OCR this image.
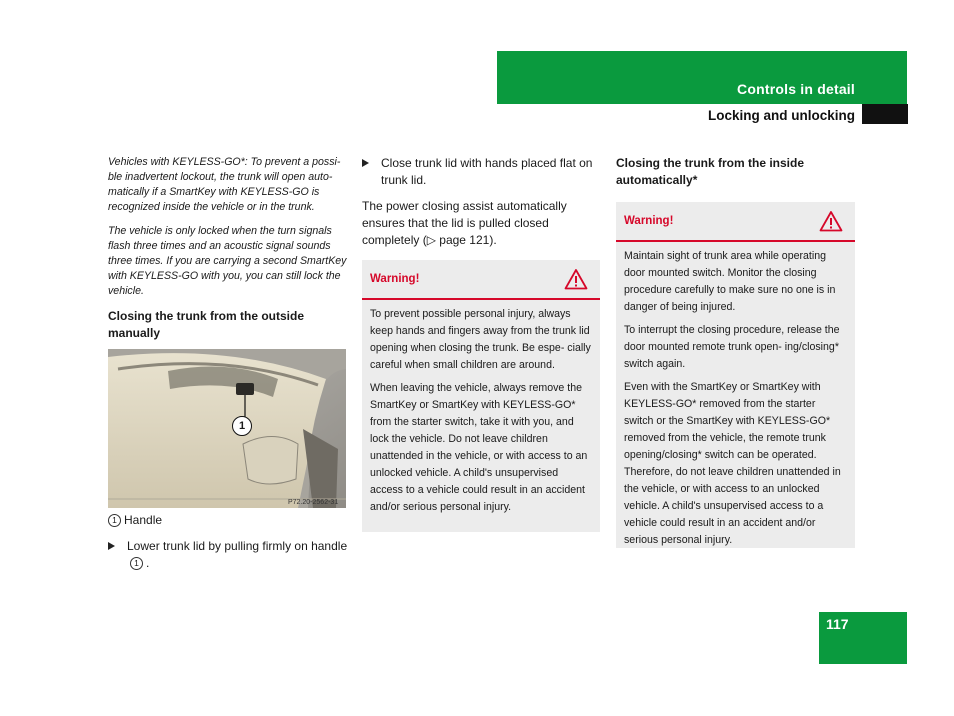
Controls in detail
Locking and unlocking

Vehicles with KEYLESS-GO*: To prevent a possi- ble inadvertent lockout, the trunk will open auto- matically if a SmartKey with KEYLESS-GO is recognized inside the vehicle or in the trunk.

The vehicle is only locked when the turn signals flash three times and an acoustic signal sounds three times. If you are carrying a second SmartKey with KEYLESS-GO with you, you can still lock the vehicle.

Closing the trunk from the outside manually

1
P72.20-2562-31

1 Handle

Lower trunk lid by pulling firmly on handle 1 .
Close trunk lid with hands placed flat on trunk lid.

The power closing assist automatically ensures that the lid is pulled closed completely (▷ page 121).

Warning!

To prevent possible personal injury, always keep hands and fingers away from the trunk lid opening when closing the trunk. Be espe- cially careful when small children are around.

When leaving the vehicle, always remove the SmartKey or SmartKey with KEYLESS-GO* from the starter switch, take it with you, and lock the vehicle. Do not leave children unattended in the vehicle, or with access to an unlocked vehicle. A child's unsupervised access to a vehicle could result in an accident and/or serious personal injury.

Closing the trunk from the inside automatically*

Warning!

Maintain sight of trunk area while operating door mounted switch. Monitor the closing procedure carefully to make sure no one is in danger of being injured.

To interrupt the closing procedure, release the door mounted remote trunk open- ing/closing* switch again.

Even with the SmartKey or SmartKey with KEYLESS-GO* removed from the starter switch or the SmartKey with KEYLESS-GO* removed from the vehicle, the remote trunk opening/closing* switch can be operated. Therefore, do not leave children unattended in the vehicle, or with access to an unlocked vehicle. A child's unsupervised access to a vehicle could result in an accident and/or serious personal injury.

117
